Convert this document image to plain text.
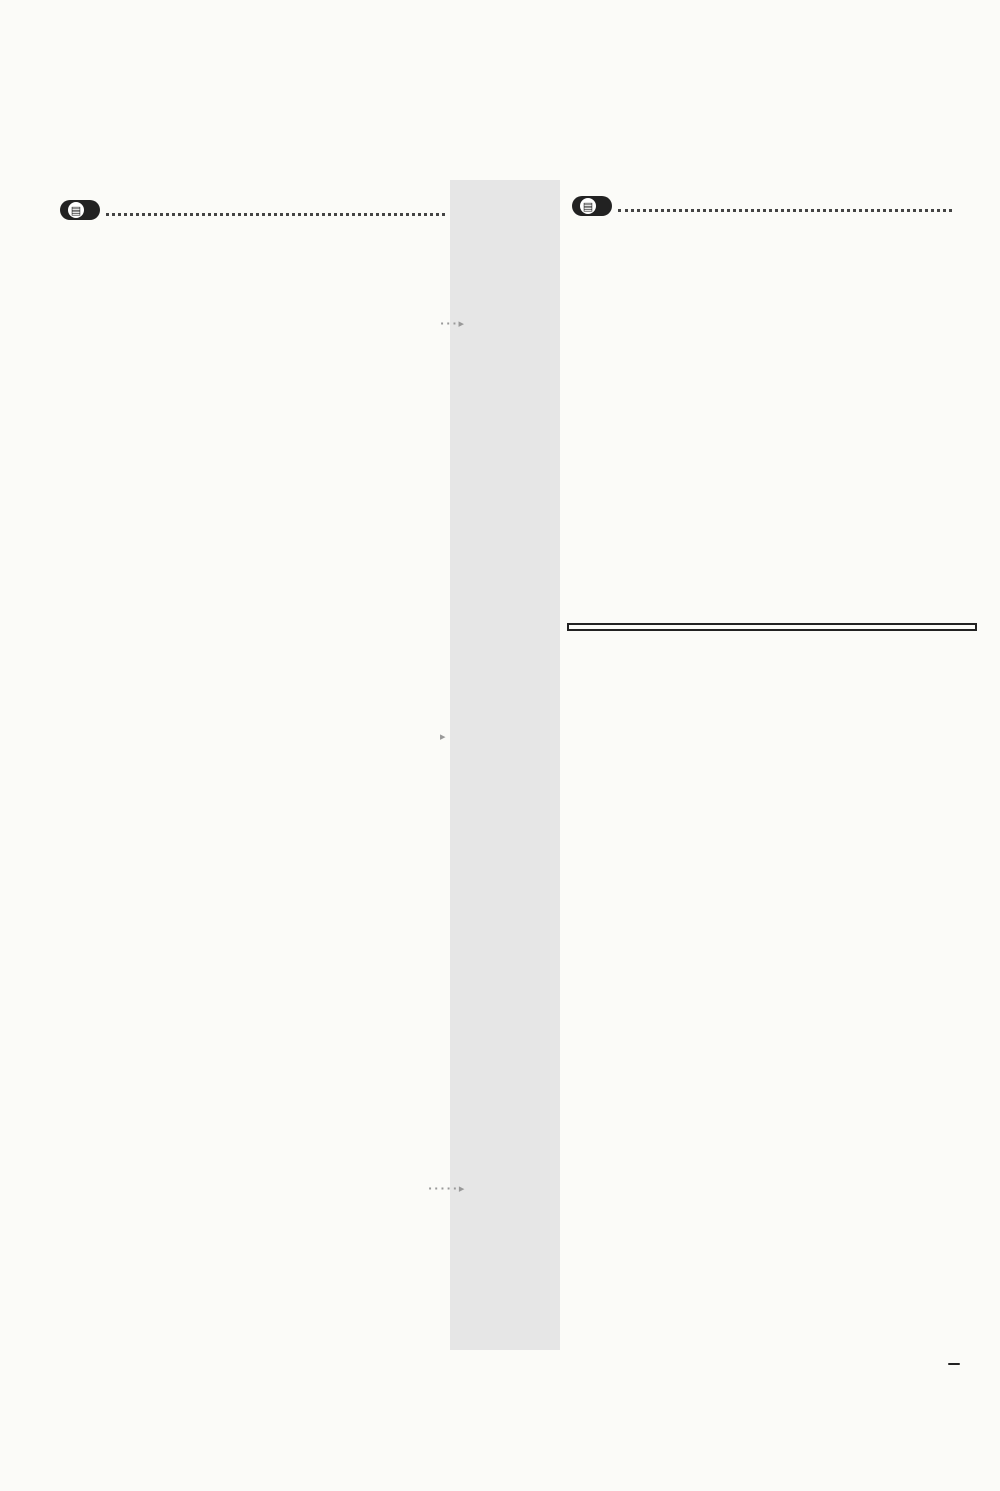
▤
···▸
▸
·····▸
▤
